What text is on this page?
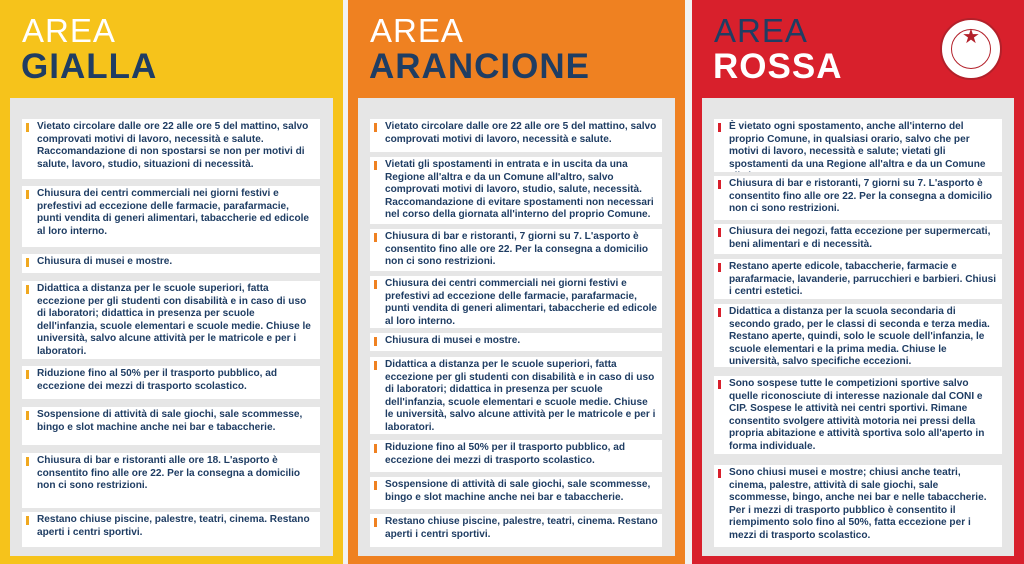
AREA
GIALLA
Vietato circolare dalle ore 22 alle ore 5 del mattino, salvo comprovati motivi di lavoro, necessità e salute. Raccomandazione di non spostarsi se non per motivi di salute, lavoro, studio, situazioni di necessità.
Chiusura dei centri commerciali nei giorni festivi e prefestivi ad eccezione delle farmacie, parafarmacie, punti vendita di generi alimentari, tabaccherie ed edicole al loro interno.
Chiusura di musei e mostre.
Didattica a distanza per le scuole superiori, fatta eccezione per gli studenti con disabilità e in caso di uso di laboratori; didattica in presenza per scuole dell'infanzia, scuole elementari e scuole medie. Chiuse le università, salvo alcune attività per le matricole e per i laboratori.
Riduzione fino al 50% per il trasporto pubblico, ad eccezione dei mezzi di trasporto scolastico.
Sospensione di attività di sale giochi, sale scommesse, bingo e slot machine anche nei bar e tabaccherie.
Chiusura di bar e ristoranti alle ore 18. L'asporto è consentito fino alle ore 22. Per la consegna a domicilio non ci sono restrizioni.
Restano chiuse piscine, palestre, teatri, cinema. Restano aperti i centri sportivi.
AREA
ARANCIONE
Vietato circolare dalle ore 22 alle ore 5 del mattino, salvo comprovati motivi di lavoro, necessità e salute.
Vietati gli spostamenti in entrata e in uscita da una Regione all'altra e da un Comune all'altro, salvo comprovati motivi di lavoro, studio, salute, necessità. Raccomandazione di evitare spostamenti non necessari nel corso della giornata all'interno del proprio Comune.
Chiusura di bar e ristoranti, 7 giorni su 7. L'asporto è consentito fino alle ore 22. Per la consegna a domicilio non ci sono restrizioni.
Chiusura dei centri commerciali nei giorni festivi e prefestivi ad eccezione delle farmacie, parafarmacie, punti vendita di generi alimentari, tabaccherie ed edicole al loro interno.
Chiusura di musei e mostre.
Didattica a distanza per le scuole superiori, fatta eccezione per gli studenti con disabilità e in caso di uso di laboratori; didattica in presenza per scuole dell'infanzia, scuole elementari e scuole medie. Chiuse le università, salvo alcune attività per le matricole e per i laboratori.
Riduzione fino al 50% per il trasporto pubblico, ad eccezione dei mezzi di trasporto scolastico.
Sospensione di attività di sale giochi, sale scommesse, bingo e slot machine anche nei bar e tabaccherie.
Restano chiuse piscine, palestre, teatri, cinema. Restano aperti i centri sportivi.
AREA
ROSSA
★
È vietato ogni spostamento, anche all'interno del proprio Comune, in qualsiasi orario, salvo che per motivi di lavoro, necessità e salute; vietati gli spostamenti da una Regione all'altra e da un Comune
Chiusura di bar e ristoranti, 7 giorni su 7. L'asporto è consentito fino alle ore 22. Per la consegna a domicilio non ci sono restrizioni.
Chiusura dei negozi, fatta eccezione per supermercati, beni alimentari e di necessità.
Restano aperte edicole, tabaccherie, farmacie e parafarmacie, lavanderie, parrucchieri e barbieri. Chiusi i centri estetici.
Didattica a distanza per la scuola secondaria di secondo grado, per le classi di seconda e terza media. Restano aperte, quindi, solo le scuole dell'infanzia, le scuole elementari e la prima media. Chiuse le università, salvo specifiche eccezioni.
Sono sospese tutte le competizioni sportive salvo quelle riconosciute di interesse nazionale dal CONI e CIP. Sospese le attività nei centri sportivi. Rimane consentito svolgere attività motoria nei pressi della propria abitazione e attività sportiva solo all'aperto in forma individuale.
Sono chiusi musei e mostre; chiusi anche teatri, cinema, palestre, attività di sale giochi, sale scommesse, bingo, anche nei bar e nelle tabaccherie. Per i mezzi di trasporto pubblico è consentito il riempimento solo fino al 50%, fatta eccezione per i mezzi di trasporto scolastico.
